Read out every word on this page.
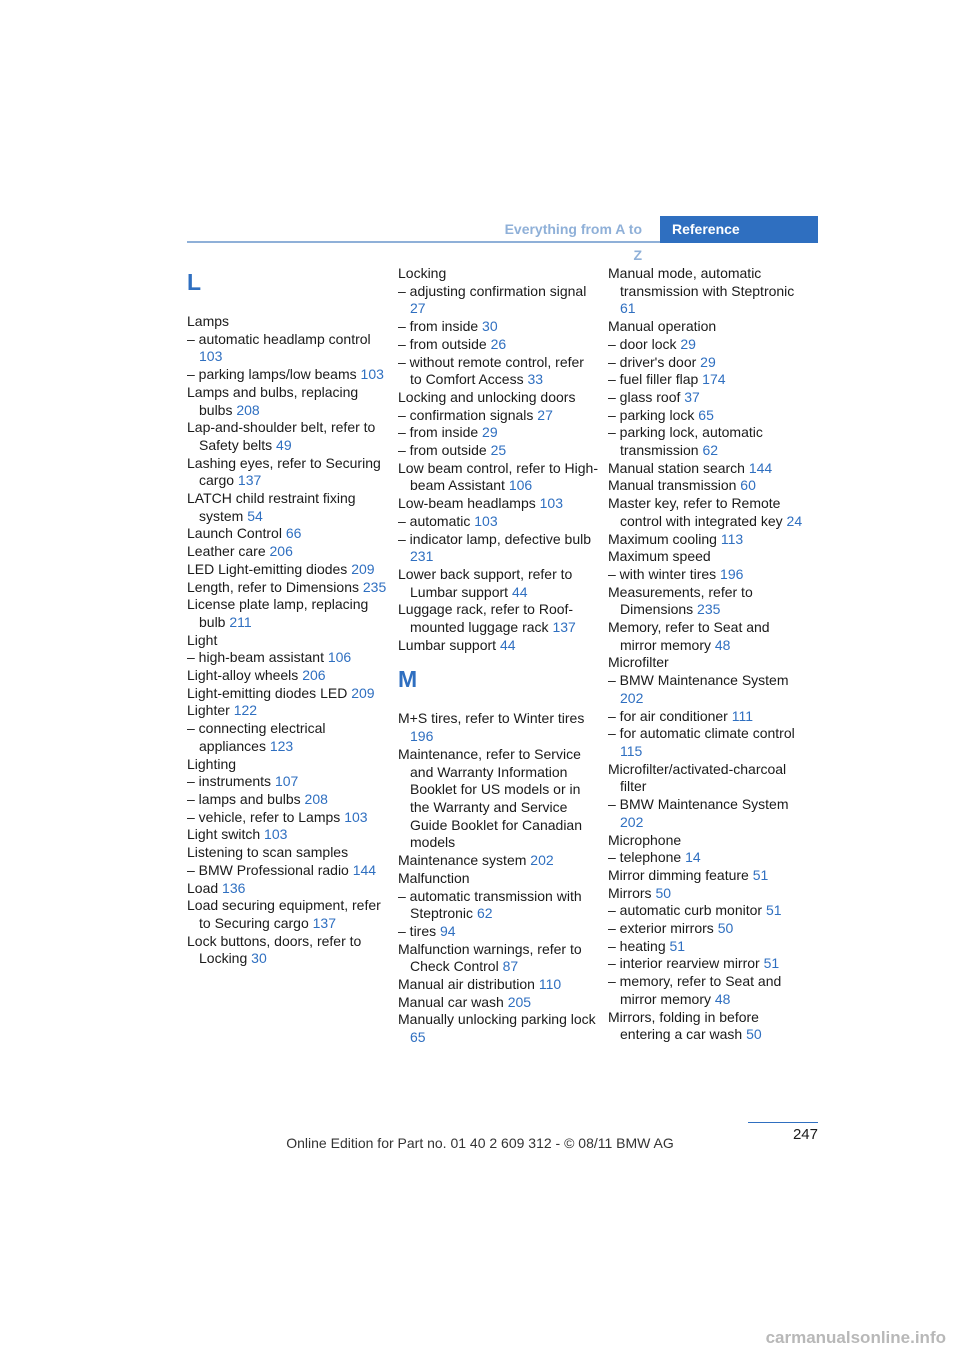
Everything from A to Z
Reference
L
Lamps
– automatic headlamp control 103
– parking lamps/low beams 103
Lamps and bulbs, replacing bulbs 208
Lap-and-shoulder belt, refer to Safety belts 49
Lashing eyes, refer to Securing cargo 137
LATCH child restraint fixing system 54
Launch Control 66
Leather care 206
LED Light-emitting diodes 209
Length, refer to Dimensions 235
License plate lamp, replacing bulb 211
Light
– high-beam assistant 106
Light-alloy wheels 206
Light-emitting diodes LED 209
Lighter 122
– connecting electrical appliances 123
Lighting
– instruments 107
– lamps and bulbs 208
– vehicle, refer to Lamps 103
Light switch 103
Listening to scan samples
– BMW Professional radio 144
Load 136
Load securing equipment, refer to Securing cargo 137
Lock buttons, doors, refer to Locking 30
Locking
– adjusting confirmation signal 27
– from inside 30
– from outside 26
– without remote control, refer to Comfort Access 33
Locking and unlocking doors
– confirmation signals 27
– from inside 29
– from outside 25
Low beam control, refer to High-beam Assistant 106
Low-beam headlamps 103
– automatic 103
– indicator lamp, defective bulb 231
Lower back support, refer to Lumbar support 44
Luggage rack, refer to Roof-mounted luggage rack 137
Lumbar support 44
M
M+S tires, refer to Winter tires 196
Maintenance, refer to Service and Warranty Information Booklet for US models or in the Warranty and Service Guide Booklet for Canadian models
Maintenance system 202
Malfunction
– automatic transmission with Steptronic 62
– tires 94
Malfunction warnings, refer to Check Control 87
Manual air distribution 110
Manual car wash 205
Manually unlocking parking lock 65
Manual mode, automatic transmission with Steptronic 61
Manual operation
– door lock 29
– driver's door 29
– fuel filler flap 174
– glass roof 37
– parking lock 65
– parking lock, automatic transmission 62
Manual station search 144
Manual transmission 60
Master key, refer to Remote control with integrated key 24
Maximum cooling 113
Maximum speed
– with winter tires 196
Measurements, refer to Dimensions 235
Memory, refer to Seat and mirror memory 48
Microfilter
– BMW Maintenance System 202
– for air conditioner 111
– for automatic climate control 115
Microfilter/activated-charcoal filter
– BMW Maintenance System 202
Microphone
– telephone 14
Mirror dimming feature 51
Mirrors 50
– automatic curb monitor 51
– exterior mirrors 50
– heating 51
– interior rearview mirror 51
– memory, refer to Seat and mirror memory 48
Mirrors, folding in before entering a car wash 50
247
Online Edition for Part no. 01 40 2 609 312 - © 08/11 BMW AG
carmanualsonline.info
